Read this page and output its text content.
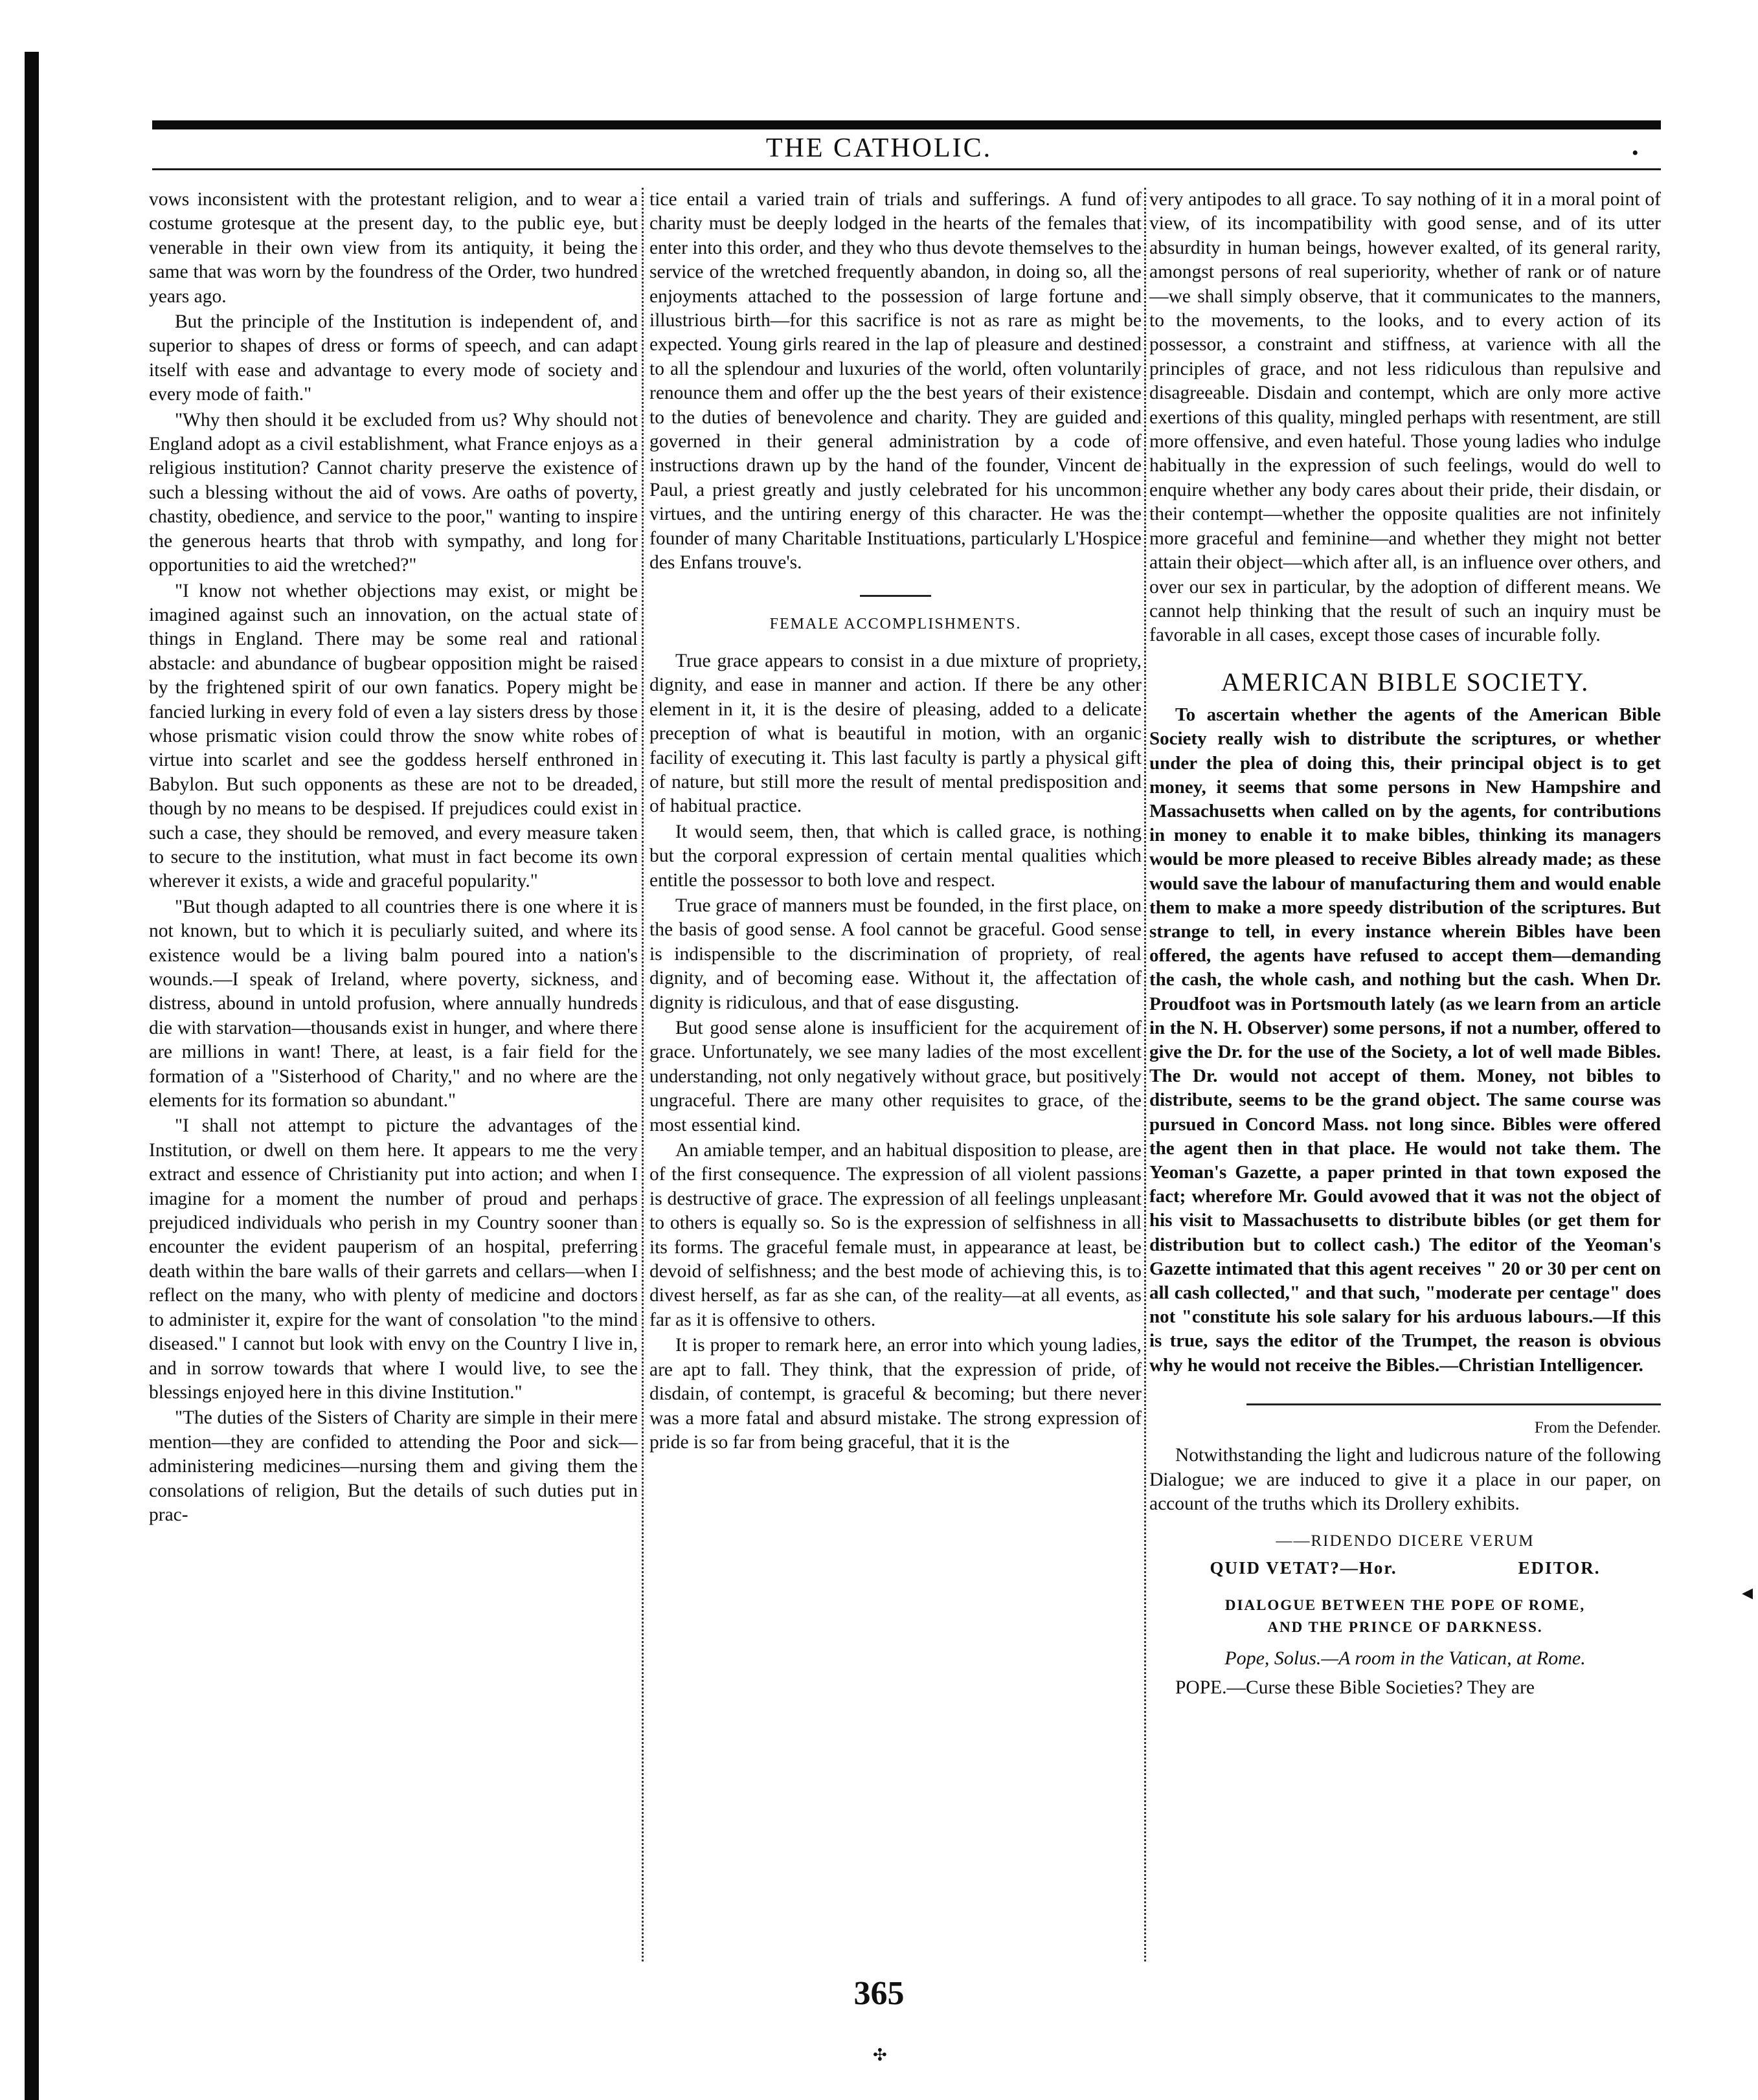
THE CATHOLIC.	•

vows inconsistent with the protestant religion, and to wear a costume grotesque at the present day, to the public eye, but venerable in their own view from its antiquity, it being the same that was worn by the foundress of the Order, two hundred years ago.

But the principle of the Institution is independent of, and superior to shapes of dress or forms of speech, and can adapt itself with ease and advantage to every mode of society and every mode of faith."

"Why then should it be excluded from us? Why should not England adopt as a civil establishment, what France enjoys as a religious institution? Cannot charity preserve the existence of such a blessing without the aid of vows. Are oaths of poverty, chastity, obedience, and service to the poor," wanting to inspire the generous hearts that throb with sympathy, and long for opportunities to aid the wretched?"

"I know not whether objections may exist, or might be imagined against such an innovation, on the actual state of things in England. There may be some real and rational abstacle: and abundance of bugbear opposition might be raised by the frightened spirit of our own fanatics. Popery might be fancied lurking in every fold of even a lay sisters dress by those whose prismatic vision could throw the snow white robes of virtue into scarlet and see the goddess herself enthroned in Babylon. But such opponents as these are not to be dreaded, though by no means to be despised. If prejudices could exist in such a case, they should be removed, and every measure taken to secure to the institution, what must in fact become its own wherever it exists, a wide and graceful popularity."

"But though adapted to all countries there is one where it is not known, but to which it is peculiarly suited, and where its existence would be a living balm poured into a nation's wounds.—I speak of Ireland, where poverty, sickness, and distress, abound in untold profusion, where annually hundreds die with starvation—thousands exist in hunger, and where there are millions in want! There, at least, is a fair field for the formation of a "Sisterhood of Charity," and no where are the elements for its formation so abundant."

"I shall not attempt to picture the advantages of the Institution, or dwell on them here. It appears to me the very extract and essence of Christianity put into action; and when I imagine for a moment the number of proud and perhaps prejudiced individuals who perish in my Country sooner than encounter the evident pauperism of an hospital, preferring death within the bare walls of their garrets and cellars—when I reflect on the many, who with plenty of medicine and doctors to administer it, expire for the want of consolation "to the mind diseased." I cannot but look with envy on the Country I live in, and in sorrow towards that where I would live, to see the blessings enjoyed here in this divine Institution."

"The duties of the Sisters of Charity are simple in their mere mention—they are confided to attending the Poor and sick—administering medicines—nursing them and giving them the consolations of religion, But the details of such duties put in prac-

tice entail a varied train of trials and sufferings. A fund of charity must be deeply lodged in the hearts of the females that enter into this order, and they who thus devote themselves to the service of the wretched frequently abandon, in doing so, all the enjoyments attached to the possession of large fortune and illustrious birth—for this sacrifice is not as rare as might be expected. Young girls reared in the lap of pleasure and destined to all the splendour and luxuries of the world, often voluntarily renounce them and offer up the the best years of their existence to the duties of benevolence and charity. They are guided and governed in their general administration by a code of instructions drawn up by the hand of the founder, Vincent de Paul, a priest greatly and justly celebrated for his uncommon virtues, and the untiring energy of this character. He was the founder of many Charitable Instituations, particularly L'Hospice des Enfans trouve's.

FEMALE ACCOMPLISHMENTS.

True grace appears to consist in a due mixture of propriety, dignity, and ease in manner and action. If there be any other element in it, it is the desire of pleasing, added to a delicate preception of what is beautiful in motion, with an organic facility of executing it. This last faculty is partly a physical gift of nature, but still more the result of mental predisposition and of habitual practice.

It would seem, then, that which is called grace, is nothing but the corporal expression of certain mental qualities which entitle the possessor to both love and respect.

True grace of manners must be founded, in the first place, on the basis of good sense. A fool cannot be graceful. Good sense is indispensible to the discrimination of propriety, of real dignity, and of becoming ease. Without it, the affectation of dignity is ridiculous, and that of ease disgusting.

But good sense alone is insufficient for the acquirement of grace. Unfortunately, we see many ladies of the most excellent understanding, not only negatively without grace, but positively ungraceful. There are many other requisites to grace, of the most essential kind.

An amiable temper, and an habitual disposition to please, are of the first consequence. The expression of all violent passions is destructive of grace. The expression of all feelings unpleasant to others is equally so. So is the expression of selfishness in all its forms. The graceful female must, in appearance at least, be devoid of selfishness; and the best mode of achieving this, is to divest herself, as far as she can, of the reality—at all events, as far as it is offensive to others.

It is proper to remark here, an error into which young ladies, are apt to fall. They think, that the expression of pride, of disdain, of contempt, is graceful & becoming; but there never was a more fatal and absurd mistake. The strong expression of pride is so far from being graceful, that it is the

very antipodes to all grace. To say nothing of it in a moral point of view, of its incompatibility with good sense, and of its utter absurdity in human beings, however exalted, of its general rarity, amongst persons of real superiority, whether of rank or of nature—we shall simply observe, that it communicates to the manners, to the movements, to the looks, and to every action of its possessor, a constraint and stiffness, at varience with all the principles of grace, and not less ridiculous than repulsive and disagreeable. Disdain and contempt, which are only more active exertions of this quality, mingled perhaps with resentment, are still more offensive, and even hateful. Those young ladies who indulge habitually in the expression of such feelings, would do well to enquire whether any body cares about their pride, their disdain, or their contempt—whether the opposite qualities are not infinitely more graceful and feminine—and whether they might not better attain their object—which after all, is an influence over others, and over our sex in particular, by the adoption of different means. We cannot help thinking that the result of such an inquiry must be favorable in all cases, except those cases of incurable folly.

AMERICAN BIBLE SOCIETY.

To ascertain whether the agents of the American Bible Society really wish to distribute the scriptures, or whether under the plea of doing this, their principal object is to get money, it seems that some persons in New Hampshire and Massachusetts when called on by the agents, for contributions in money to enable it to make bibles, thinking its managers would be more pleased to receive Bibles already made; as these would save the labour of manufacturing them and would enable them to make a more speedy distribution of the scriptures. But strange to tell, in every instance wherein Bibles have been offered, the agents have refused to accept them—demanding the cash, the whole cash, and nothing but the cash. When Dr. Proudfoot was in Portsmouth lately (as we learn from an article in the N. H. Observer) some persons, if not a number, offered to give the Dr. for the use of the Society, a lot of well made Bibles. The Dr. would not accept of them. Money, not bibles to distribute, seems to be the grand object. The same course was pursued in Concord Mass. not long since. Bibles were offered the agent then in that place. He would not take them. The Yeoman's Gazette, a paper printed in that town exposed the fact; wherefore Mr. Gould avowed that it was not the object of his visit to Massachusetts to distribute bibles (or get them for distribution but to collect cash.) The editor of the Yeoman's Gazette intimated that this agent receives " 20 or 30 per cent on all cash collected," and that such, "moderate per centage" does not "constitute his sole salary for his arduous labours.—If this is true, says the editor of the Trumpet, the reason is obvious why he would not receive the Bibles.—Christian Intelligencer.

From the Defender.

Notwithstanding the light and ludicrous nature of the following Dialogue; we are induced to give it a place in our paper, on account of the truths which its Drollery exhibits.

——RIDENDO DICERE VERUM
QUID VETAT?—Hor.	EDITOR.
DIALOGUE BETWEEN THE POPE OF ROME,
AND THE PRINCE OF DARKNESS.
Pope, Solus.—A room in the Vatican, at Rome.

POPE.—Curse these Bible Societies? They are

365
✣
◂
